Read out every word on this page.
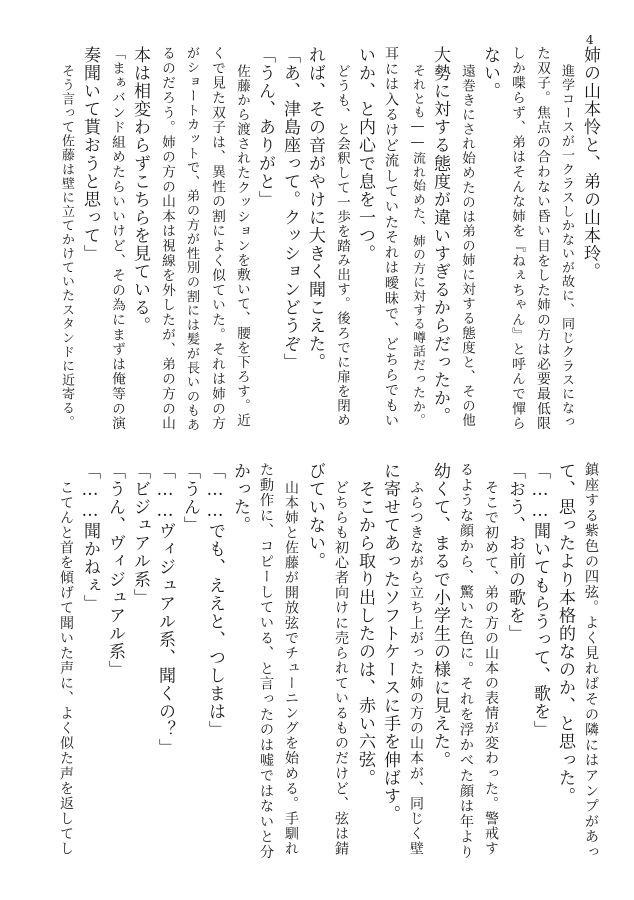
4
姉の山本怜と、弟の山本玲。
進学コースが一クラスしかないが故に、同じクラスになっ
た双子。焦点の合わない昏い目をした姉の方は必要最低限
しか喋らず、弟はそんな姉を『ねぇちゃん』と呼んで憚ら
ない。
遠巻きにされ始めたのは弟の姉に対する態度と、その他
大勢に対する態度が違いすぎるからだったか。
それとも――流れ始めた、姉の方に対する噂話だったか。
耳には入るけど流していたそれは曖昧で、どちらでもい
いか、と内心で息を一つ。
どうも、と会釈して一歩を踏み出す。後ろでに扉を閉め
れば、その音がやけに大きく聞こえた。
「あ、津島座って。クッションどうぞ」
「うん、ありがと」
佐藤から渡されたクッションを敷いて、腰を下ろす。近
くで見た双子は、異性の割によく似ていた。それは姉の方
がショートカットで、弟の方が性別の割には髪が長いのもあ
るのだろう。姉の方の山本は視線を外したが、弟の方の山
本は相変わらずこちらを見ている。
「まぁバンド組めたらいいけど、その為にまずは俺等の演
奏聞いて貰おうと思って」
そう言って佐藤は壁に立てかけていたスタンドに近寄る。
鎮座する紫色の四弦。よく見ればその隣にはアンプがあっ
て、思ったより本格的なのか、と思った。
「……聞いてもらうって、歌を」
「おう、お前の歌を」
そこで初めて、弟の方の山本の表情が変わった。警戒す
るような顔から、驚いた色に。それを浮かべた顔は年より
幼くて、まるで小学生の様に見えた。
ふらつきながら立ち上がった姉の方の山本が、同じく壁
に寄せてあったソフトケースに手を伸ばす。
そこから取り出したのは、赤い六弦。
どちらも初心者向けに売られているものだけど、弦は錆
びていない。
山本姉と佐藤が開放弦でチューニングを始める。手馴れ
た動作に、コピーしている、と言ったのは嘘ではないと分
かった。
「……でも、ええと、つしまは」
「うん」
「……ヴィジュアル系、聞くの？」
「ビジュアル系」
「うん、ヴィジュアル系」
「……聞かねぇ」
こてんと首を傾げて聞いた声に、よく似た声を返してし
